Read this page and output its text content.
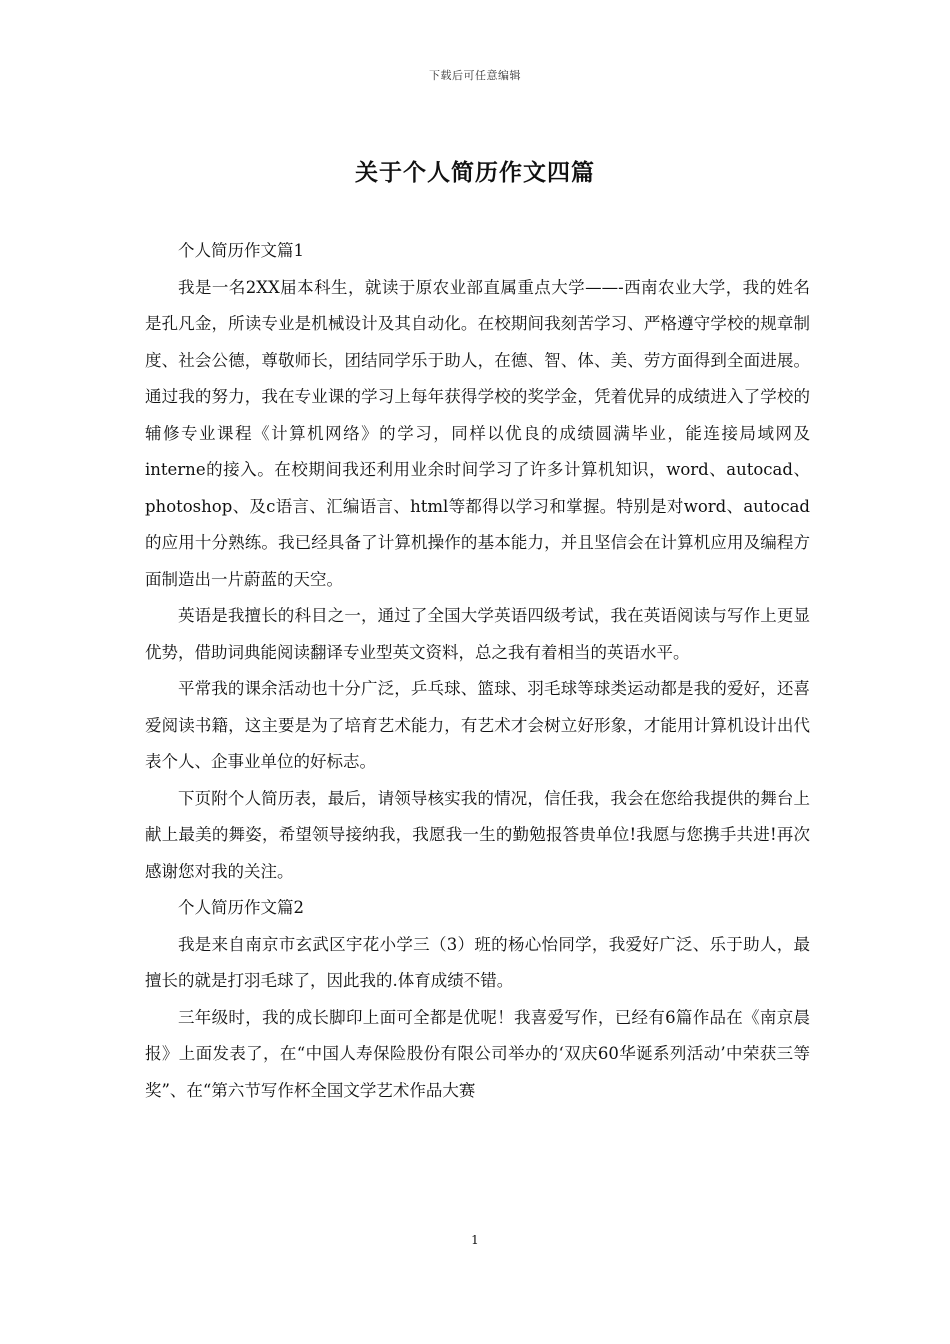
下载后可任意编辑
关于个人简历作文四篇

个人简历作文篇1

我是一名2XX届本科生，就读于原农业部直属重点大学——-西南农业大学，我的姓名是孔凡金，所读专业是机械设计及其自动化。在校期间我刻苦学习、严格遵守学校的规章制度、社会公德，尊敬师长，团结同学乐于助人，在德、智、体、美、劳方面得到全面进展。通过我的努力，我在专业课的学习上每年获得学校的奖学金，凭着优异的成绩进入了学校的辅修专业课程《计算机网络》的学习，同样以优良的成绩圆满毕业，能连接局域网及interne的接入。在校期间我还利用业余时间学习了许多计算机知识，word、autocad、photoshop、及c语言、汇编语言、html等都得以学习和掌握。特别是对word、autocad的应用十分熟练。我已经具备了计算机操作的基本能力，并且坚信会在计算机应用及编程方面制造出一片蔚蓝的天空。

英语是我擅长的科目之一，通过了全国大学英语四级考试，我在英语阅读与写作上更显优势，借助词典能阅读翻译专业型英文资料，总之我有着相当的英语水平。

平常我的课余活动也十分广泛，乒乓球、篮球、羽毛球等球类运动都是我的爱好，还喜爱阅读书籍，这主要是为了培育艺术能力，有艺术才会树立好形象，才能用计算机设计出代表个人、企事业单位的好标志。

下页附个人简历表，最后，请领导核实我的情况，信任我，我会在您给我提供的舞台上献上最美的舞姿，希望领导接纳我，我愿我一生的勤勉报答贵单位!我愿与您携手共进!再次感谢您对我的关注。

个人简历作文篇2

我是来自南京市玄武区宇花小学三（3）班的杨心怡同学，我爱好广泛、乐于助人，最擅长的就是打羽毛球了，因此我的.体育成绩不错。

三年级时，我的成长脚印上面可全都是优呢！我喜爱写作，已经有6篇作品在《南京晨报》上面发表了，在“中国人寿保险股份有限公司举办的‘双庆60华诞系列活动’中荣获三等奖”、在“第六节写作杯全国文学艺术作品大赛

1
